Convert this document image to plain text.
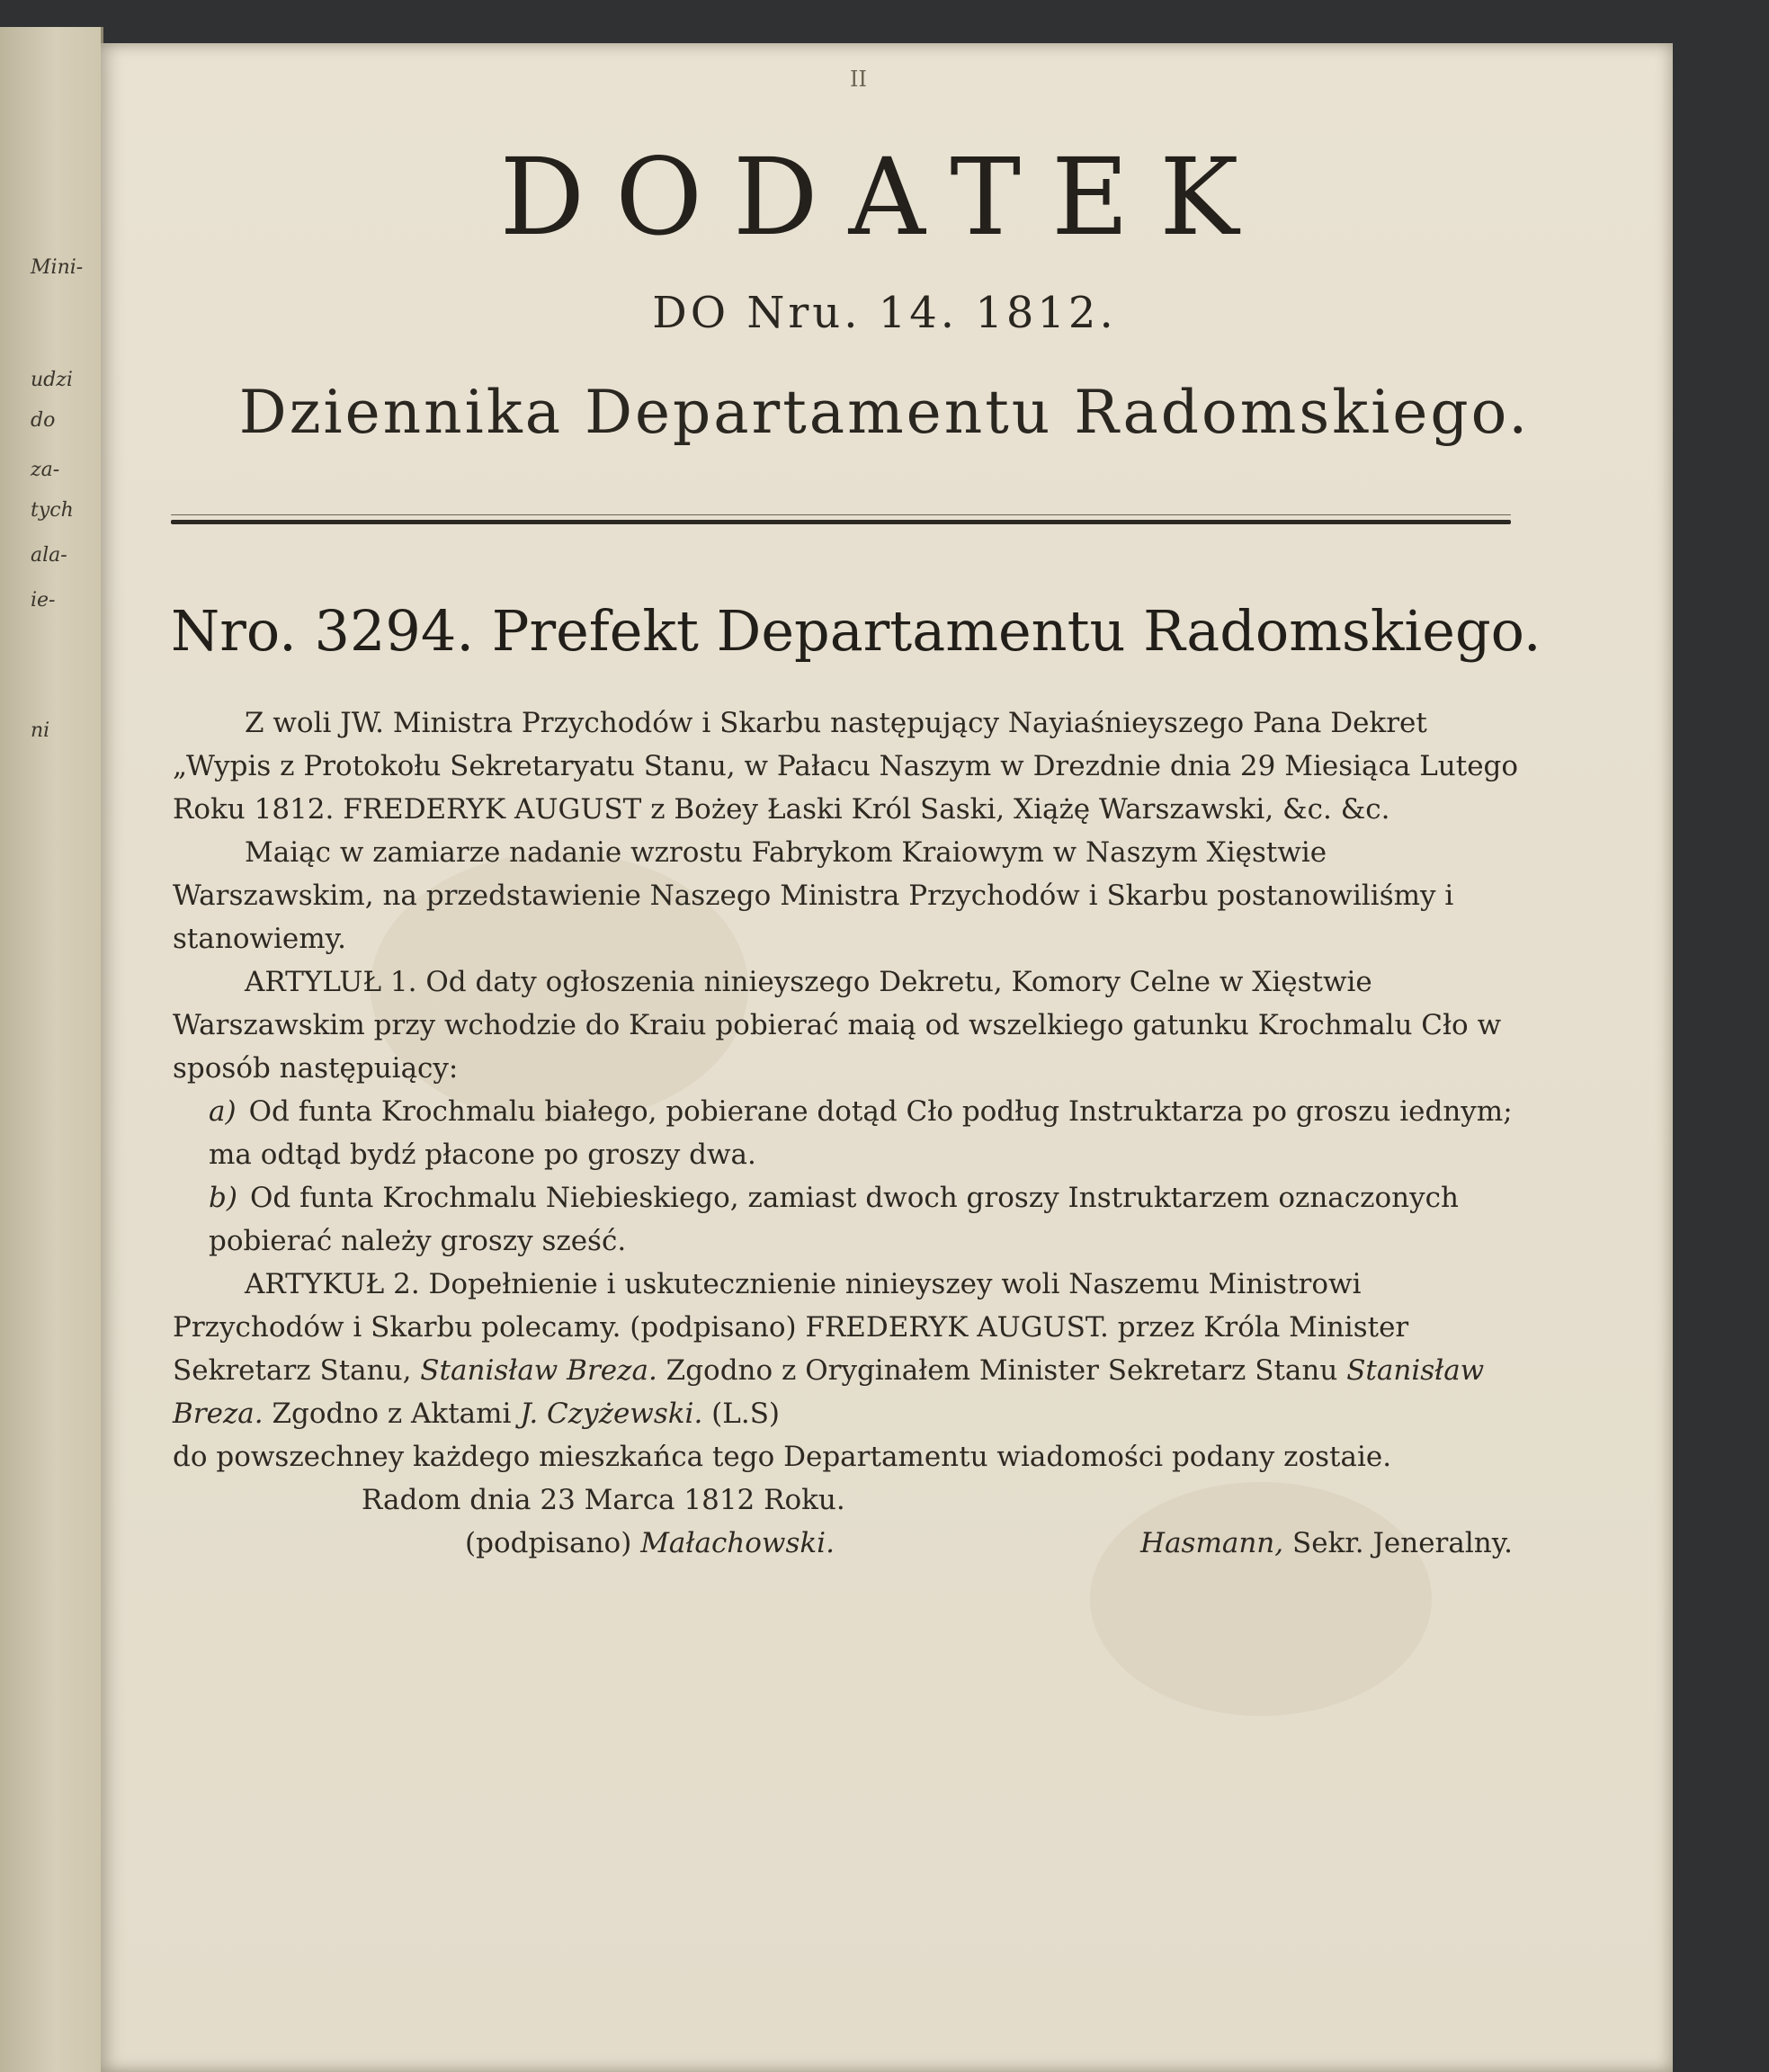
Mini-
udzi
do
za-
tych
ala-
ie-
ni
II
DODATEK
DO Nru. 14. 1812.
Dziennika Departamentu Radomskiego.
Nro. 3294. Prefekt Departamentu Radomskiego.

Z woli JW. Ministra Przychodów i Skarbu następujący Nayiaśnieyszego Pana Dekret „Wypis z Protokołu Sekretaryatu Stanu, w Pałacu Naszym w Drezdnie dnia 29 Miesiąca Lutego Roku 1812. FREDERYK AUGUST z Bożey Łaski Król Saski, Xiążę Warszawski, &c. &c.

Maiąc w zamiarze nadanie wzrostu Fabrykom Kraiowym w Naszym Xięstwie Warszawskim, na przedstawienie Naszego Ministra Przychodów i Skarbu postanowiliśmy i stanowiemy.

ARTYLUŁ 1. Od daty ogłoszenia ninieyszego Dekretu, Komory Celne w Xięstwie Warszawskim przy wchodzie do Kraiu pobierać maią od wszelkiego gatunku Krochmalu Cło w sposób następuiący:

a) Od funta Krochmalu białego, pobierane dotąd Cło podług Instruktarza po groszu iednym; ma odtąd bydź płacone po groszy dwa.

b) Od funta Krochmalu Niebieskiego, zamiast dwoch groszy Instruktarzem oznaczonych pobierać należy groszy sześć.

ARTYKUŁ 2. Dopełnienie i uskutecznienie ninieyszey woli Naszemu Ministrowi Przychodów i Skarbu polecamy. (podpisano) FREDERYK AUGUST. przez Króla Minister Sekretarz Stanu, Stanisław Breza. Zgodno z Oryginałem Minister Sekretarz Stanu Stanisław Breza. Zgodno z Aktami J. Czyżewski. (L.S)

do powszechney każdego mieszkańca tego Departamentu wiadomości podany zostaie.

Radom dnia 23 Marca 1812 Roku.

(podpisano) Małachowski.	Hasmann, Sekr. Jeneralny.
